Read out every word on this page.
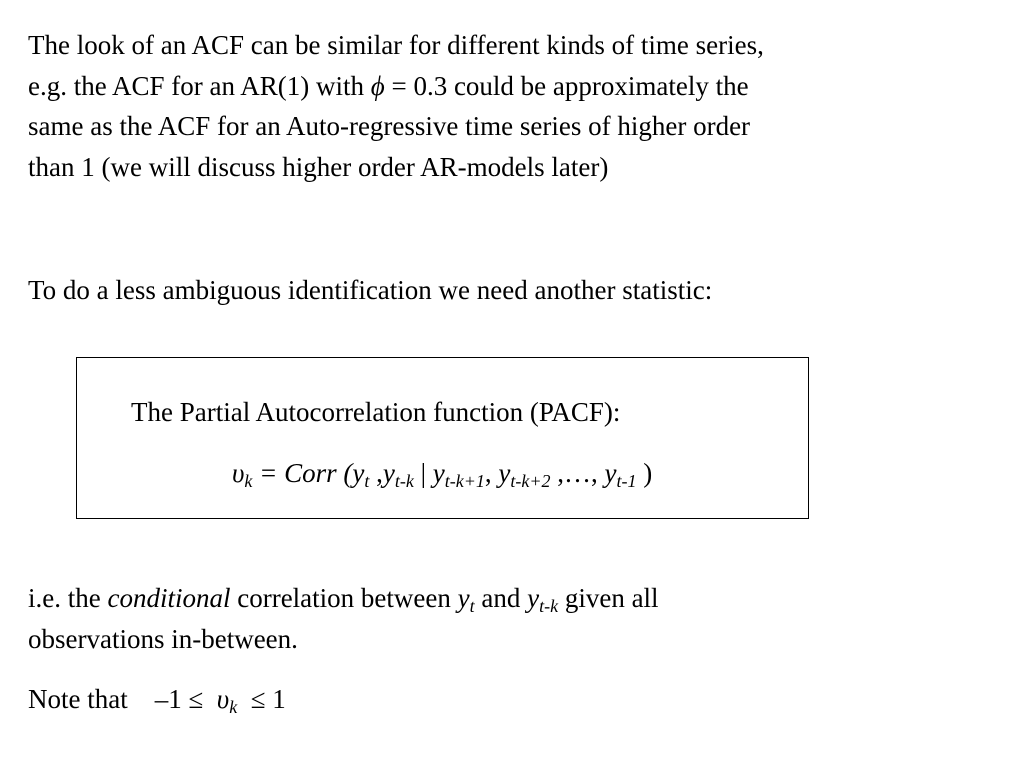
The look of an ACF can be similar for different kinds of time series,
e.g. the ACF for an AR(1) with ϕ = 0.3 could be approximately the
same as the ACF for an Auto-regressive time series of higher order
than 1 (we will discuss higher order AR-models later)
To do a less ambiguous identification we need another statistic:
The Partial Autocorrelation function (PACF):
$\upsilon_k$ = Corr ($y_t$ $,y_{t-k}$ | $y_{t-k+1}$, $y_{t-k+2}$ ,…, $y_{t-1}$ )
i.e. the conditional correlation between $y_t$ and $y_{t-k}$ given all
observations in-between.
Note that    $-1 \le \upsilon_k \le 1$
